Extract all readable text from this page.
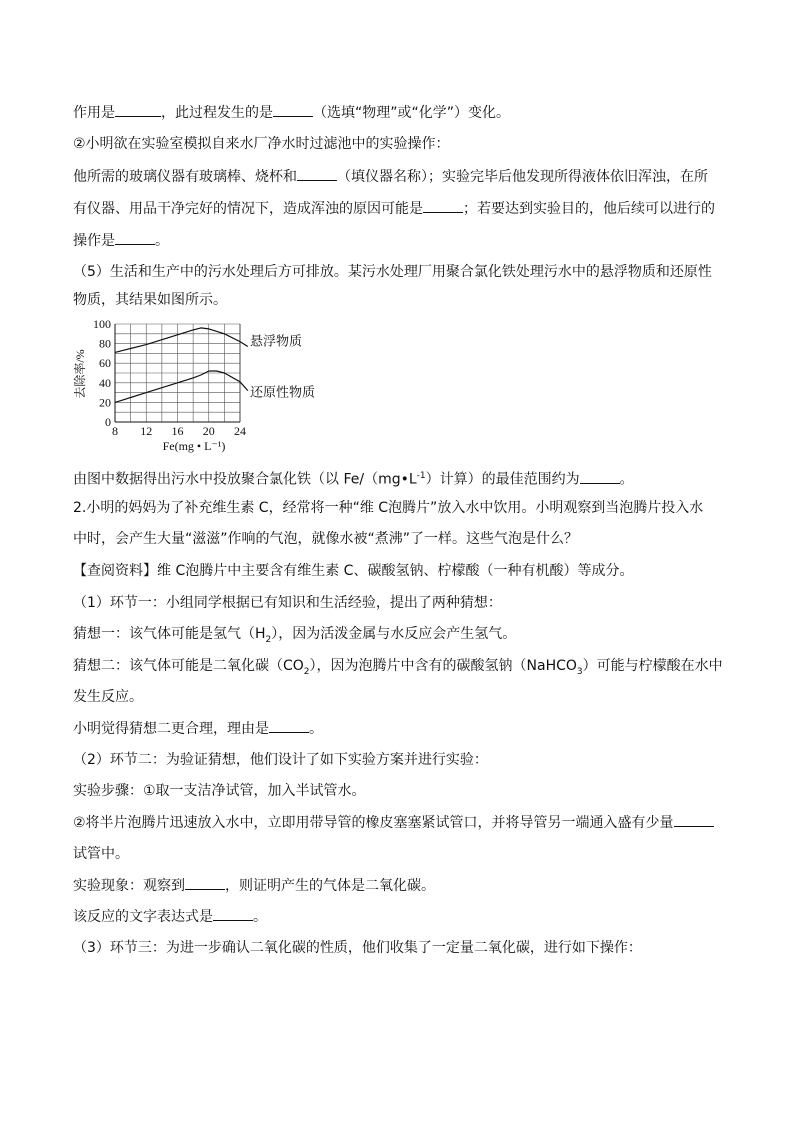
作用是	，此过程发生的是	（选填“物理”或“化学”）变化。
②小明欲在实验室模拟自来水厂净水时过滤池中的实验操作：
他所需的玻璃仪器有玻璃棒、烧杯和	（填仪器名称）；实验完毕后他发现所得液体依旧浑浊，在所
有仪器、用品干净完好的情况下，造成浑浊的原因可能是	；若要达到实验目的，他后续可以进行的
操作是	。
（5）生活和生产中的污水处理后方可排放。某污水处理厂用聚合氯化铁处理污水中的悬浮物质和还原性
物质，其结果如图所示。
去除率/%
0
20
40
60
80
100
8 12 16 20 24
悬浮物质
还原性物质
Fe(mg • L⁻¹)
由图中数据得出污水中投放聚合氯化铁（以 $Fe/(mg•L^{-1})$计算）的最佳范围约为	。
2.小明的妈妈为了补充维生素 C，经常将一种“维 C泡腾片”放入水中饮用。小明观察到当泡腾片投入水
中时，会产生大量“滋滋”作响的气泡，就像水被“煮沸”了一样。这些气泡是什么？
【查阅资料】维 C泡腾片中主要含有维生素 C、碳酸氢钠、柠檬酸（一种有机酸）等成分。
（1）环节一：小组同学根据已有知识和生活经验，提出了两种猜想：
猜想一：该气体可能是氢气$(H_2)$，因为活泼金属与水反应会产生氢气。
猜想二：该气体可能是二氧化碳$(CO_2)$，因为泡腾片中含有的碳酸氢钠（NaHCO$_3$）可能与柠檬酸在水中
发生反应。
小明觉得猜想二更合理，理由是	。
（2）环节二：为验证猜想，他们设计了如下实验方案并进行实验：
实验步骤：①取一支洁净试管，加入半试管水。
②将半片泡腾片迅速放入水中，立即用带导管的橡皮塞塞紧试管口，并将导管另一端通入盛有少量
试管中。
实验现象：观察到	，则证明产生的气体是二氧化碳。
该反应的文字表达式是	。
（3）环节三：为进一步确认二氧化碳的性质，他们收集了一定量二氧化碳，进行如下操作：
